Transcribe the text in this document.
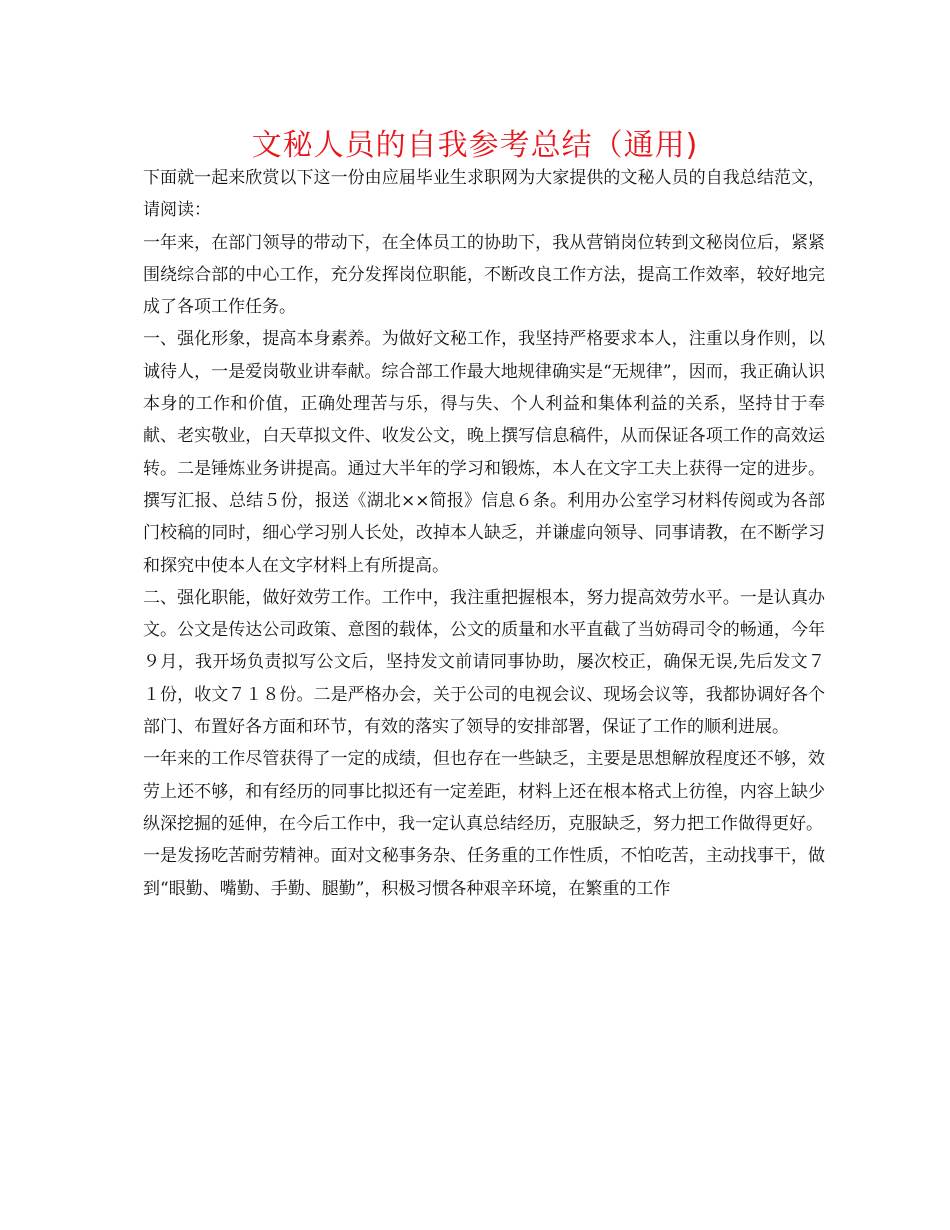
文秘人员的自我参考总结（通用)

下面就一起来欣赏以下这一份由应届毕业生求职网为大家提供的文秘人员的自我总结范文，请阅读：

一年来，在部门领导的带动下，在全体员工的协助下，我从营销岗位转到文秘岗位后，紧紧围绕综合部的中心工作，充分发挥岗位职能，不断改良工作方法，提高工作效率，较好地完成了各项工作任务。

一、强化形象，提高本身素养。为做好文秘工作，我坚持严格要求本人，注重以身作则，以诚待人，一是爱岗敬业讲奉献。综合部工作最大地规律确实是“无规律”，因而，我正确认识本身的工作和价值，正确处理苦与乐，得与失、个人利益和集体利益的关系，坚持甘于奉献、老实敬业，白天草拟文件、收发公文，晚上撰写信息稿件，从而保证各项工作的高效运转。二是锤炼业务讲提高。通过大半年的学习和锻炼，本人在文字工夫上获得一定的进步。撰写汇报、总结５份，报送《湖北××简报》信息６条。利用办公室学习材料传阅或为各部门校稿的同时，细心学习别人长处，改掉本人缺乏，并谦虚向领导、同事请教，在不断学习和探究中使本人在文字材料上有所提高。

二、强化职能，做好效劳工作。工作中，我注重把握根本，努力提高效劳水平。一是认真办文。公文是传达公司政策、意图的载体，公文的质量和水平直截了当妨碍司令的畅通，今年９月，我开场负责拟写公文后，坚持发文前请同事协助，屡次校正，确保无误,先后发文７１份，收文７１８份。二是严格办会，关于公司的电视会议、现场会议等，我都协调好各个部门、布置好各方面和环节，有效的落实了领导的安排部署，保证了工作的顺利进展。

一年来的工作尽管获得了一定的成绩，但也存在一些缺乏，主要是思想解放程度还不够，效劳上还不够，和有经历的同事比拟还有一定差距，材料上还在根本格式上彷徨，内容上缺少纵深挖掘的延伸，在今后工作中，我一定认真总结经历，克服缺乏，努力把工作做得更好。

一是发扬吃苦耐劳精神。面对文秘事务杂、任务重的工作性质，不怕吃苦，主动找事干，做到“眼勤、嘴勤、手勤、腿勤”，积极习惯各种艰辛环境，在繁重的工作
